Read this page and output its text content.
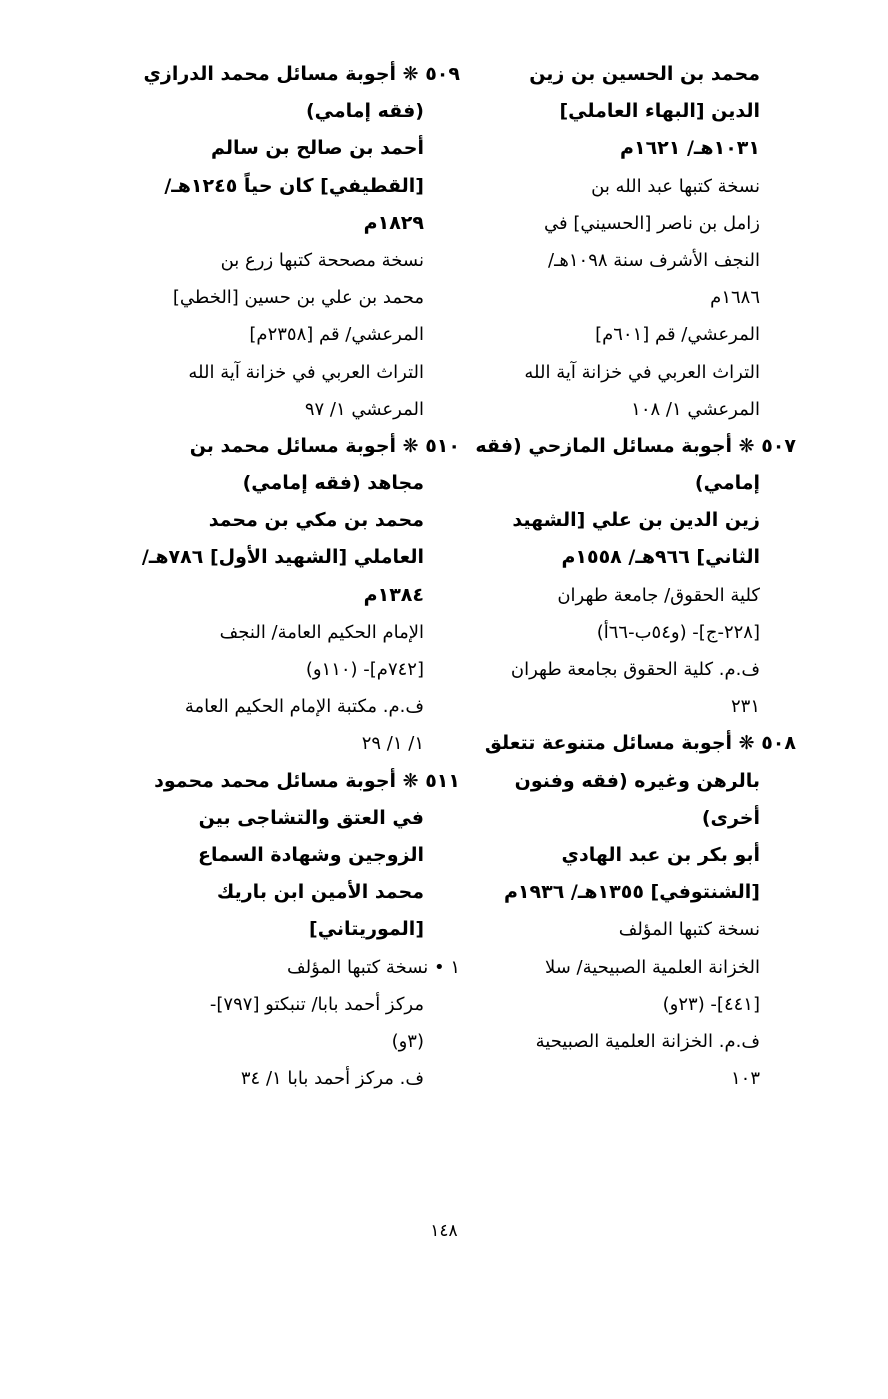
محمد بن الحسين بن زين
الدين [البهاء العاملي]
١٠٣١هـ/ ١٦٢١م
نسخة كتبها عبد الله بن
زامل بن ناصر [الحسيني] في
النجف الأشرف سنة ١٠٩٨هـ/
١٦٨٦م
المرعشي/ قم [٦٠١م]
التراث العربي في خزانة آية الله
المرعشي ١/ ١٠٨
٥٠٧ ❋ أجوبة مسائل المازحي (فقه
إمامي)
زين الدين بن علي [الشهيد
الثاني] ٩٦٦هـ/ ١٥٥٨م
كلية الحقوق/ جامعة طهران
[٢٢٨-ج]- (و٥٤ب-٦٦أ)
ف.م. كلية الحقوق بجامعة طهران
٢٣١
٥٠٨ ❋ أجوبة مسائل متنوعة تتعلق
بالرهن وغيره (فقه وفنون
أخرى)
أبو بكر بن عبد الهادي
[الشنتوفي] ١٣٥٥هـ/ ١٩٣٦م
نسخة كتبها المؤلف
الخزانة العلمية الصبيحية/ سلا
[٤٤١]- (٢٣و)
ف.م. الخزانة العلمية الصبيحية
١٠٣
٥٠٩ ❋ أجوبة مسائل محمد الدرازي
(فقه إمامي)
أحمد بن صالح بن سالم
[القطيفي] كان حياً ١٢٤٥هـ/
١٨٢٩م
نسخة مصححة كتبها زرع بن
محمد بن علي بن حسين [الخطي]
المرعشي/ قم [٢٣٥٨م]
التراث العربي في خزانة آية الله
المرعشي ١/ ٩٧
٥١٠ ❋ أجوبة مسائل محمد بن
مجاهد (فقه إمامي)
محمد بن مكي بن محمد
العاملي [الشهيد الأول] ٧٨٦هـ/
١٣٨٤م
الإمام الحكيم العامة/ النجف
[٧٤٢م]- (١١٠و)
ف.م. مكتبة الإمام الحكيم العامة
١/ ١/ ٢٩
٥١١ ❋ أجوبة مسائل محمد محمود
في العتق والتشاجى بين
الزوجين وشهادة السماع
محمد الأمين ابن باريك
[الموريتاني]
١ • نسخة كتبها المؤلف
مركز أحمد بابا/ تنبكتو [٧٩٧]-
(٣و)
ف. مركز أحمد بابا ١/ ٣٤
١٤٨
